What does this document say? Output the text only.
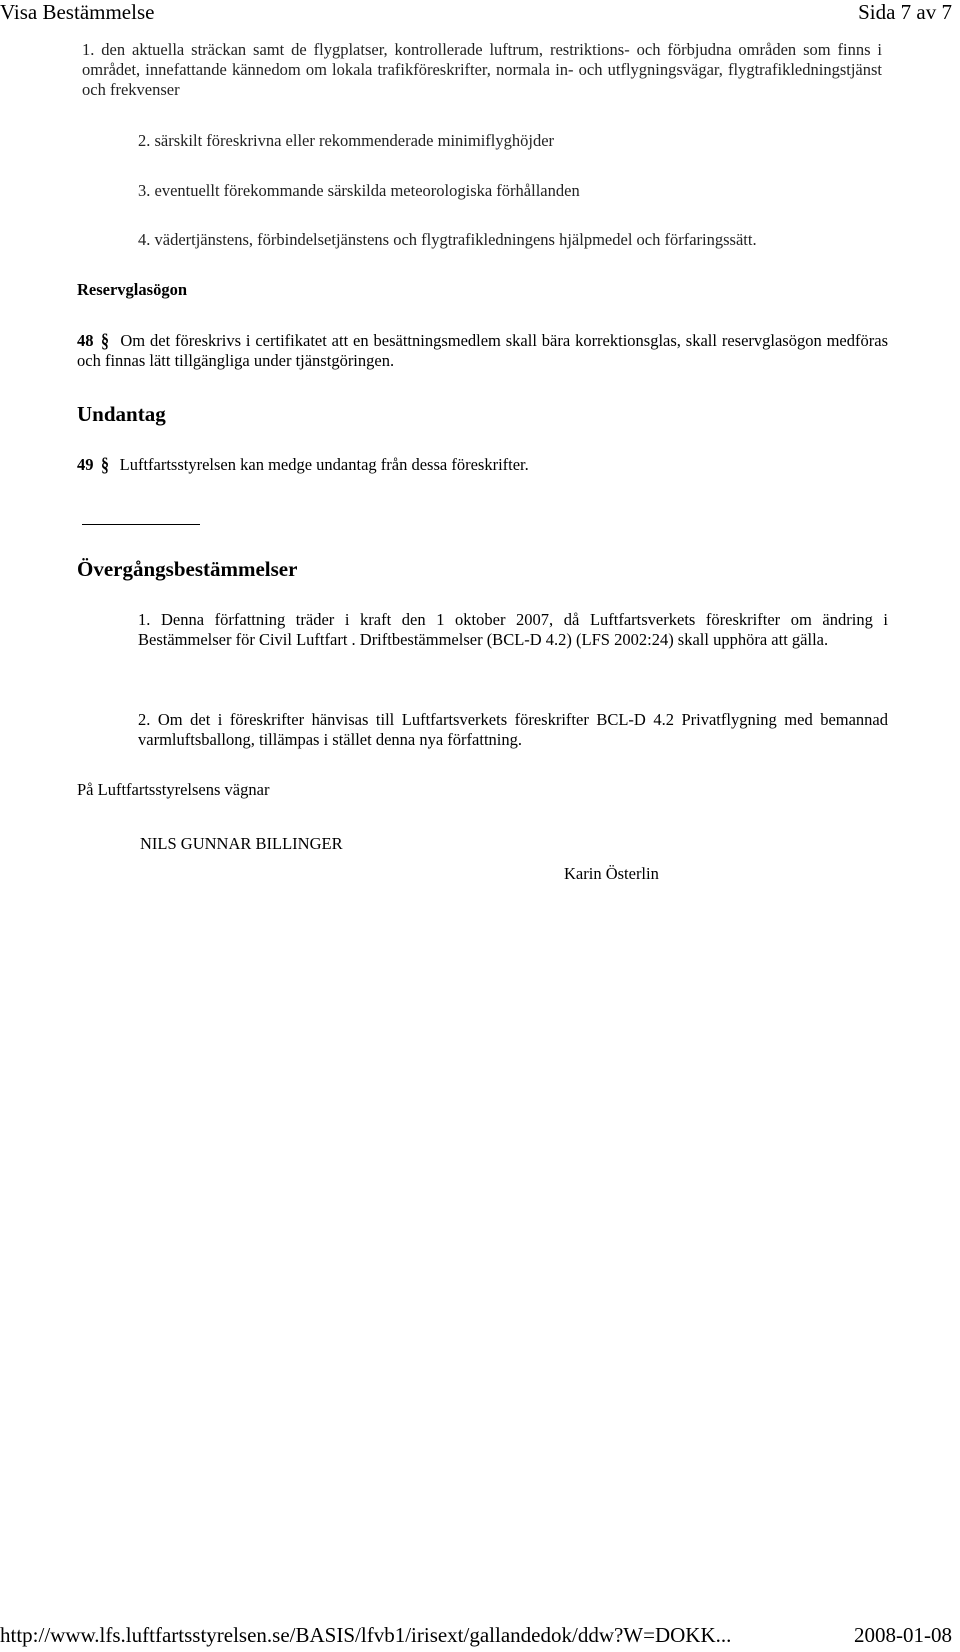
Visa Bestämmelse	Sida 7 av 7
1. den aktuella sträckan samt de flygplatser, kontrollerade luftrum, restriktions- och förbjudna områden som finns i området, innefattande kännedom om lokala trafikföreskrifter, normala in- och utflygningsvägar, flygtrafikledningstjänst och frekvenser
2. särskilt föreskrivna eller rekommenderade minimiflyghöjder
3. eventuellt förekommande särskilda meteorologiska förhållanden
4. vädertjänstens, förbindelsetjänstens och flygtrafikledningens hjälpmedel och förfaringssätt.
Reservglasögon
48 § Om det föreskrivs i certifikatet att en besättningsmedlem skall bära korrektionsglas, skall reservglasögon medföras och finnas lätt tillgängliga under tjänstgöringen.
Undantag
49 § Luftfartsstyrelsen kan medge undantag från dessa föreskrifter.
Övergångsbestämmelser
1. Denna författning träder i kraft den 1 oktober 2007, då Luftfartsverkets föreskrifter om ändring i Bestämmelser för Civil Luftfart . Driftbestämmelser (BCL-D 4.2) (LFS 2002:24) skall upphöra att gälla.
2. Om det i föreskrifter hänvisas till Luftfartsverkets föreskrifter BCL-D 4.2 Privatflygning med bemannad varmluftsballong, tillämpas i stället denna nya författning.
På Luftfartsstyrelsens vägnar
NILS GUNNAR BILLINGER
Karin Österlin
http://www.lfs.luftfartsstyrelsen.se/BASIS/lfvb1/irisext/gallandedok/ddw?W=DOKK...	2008-01-08
